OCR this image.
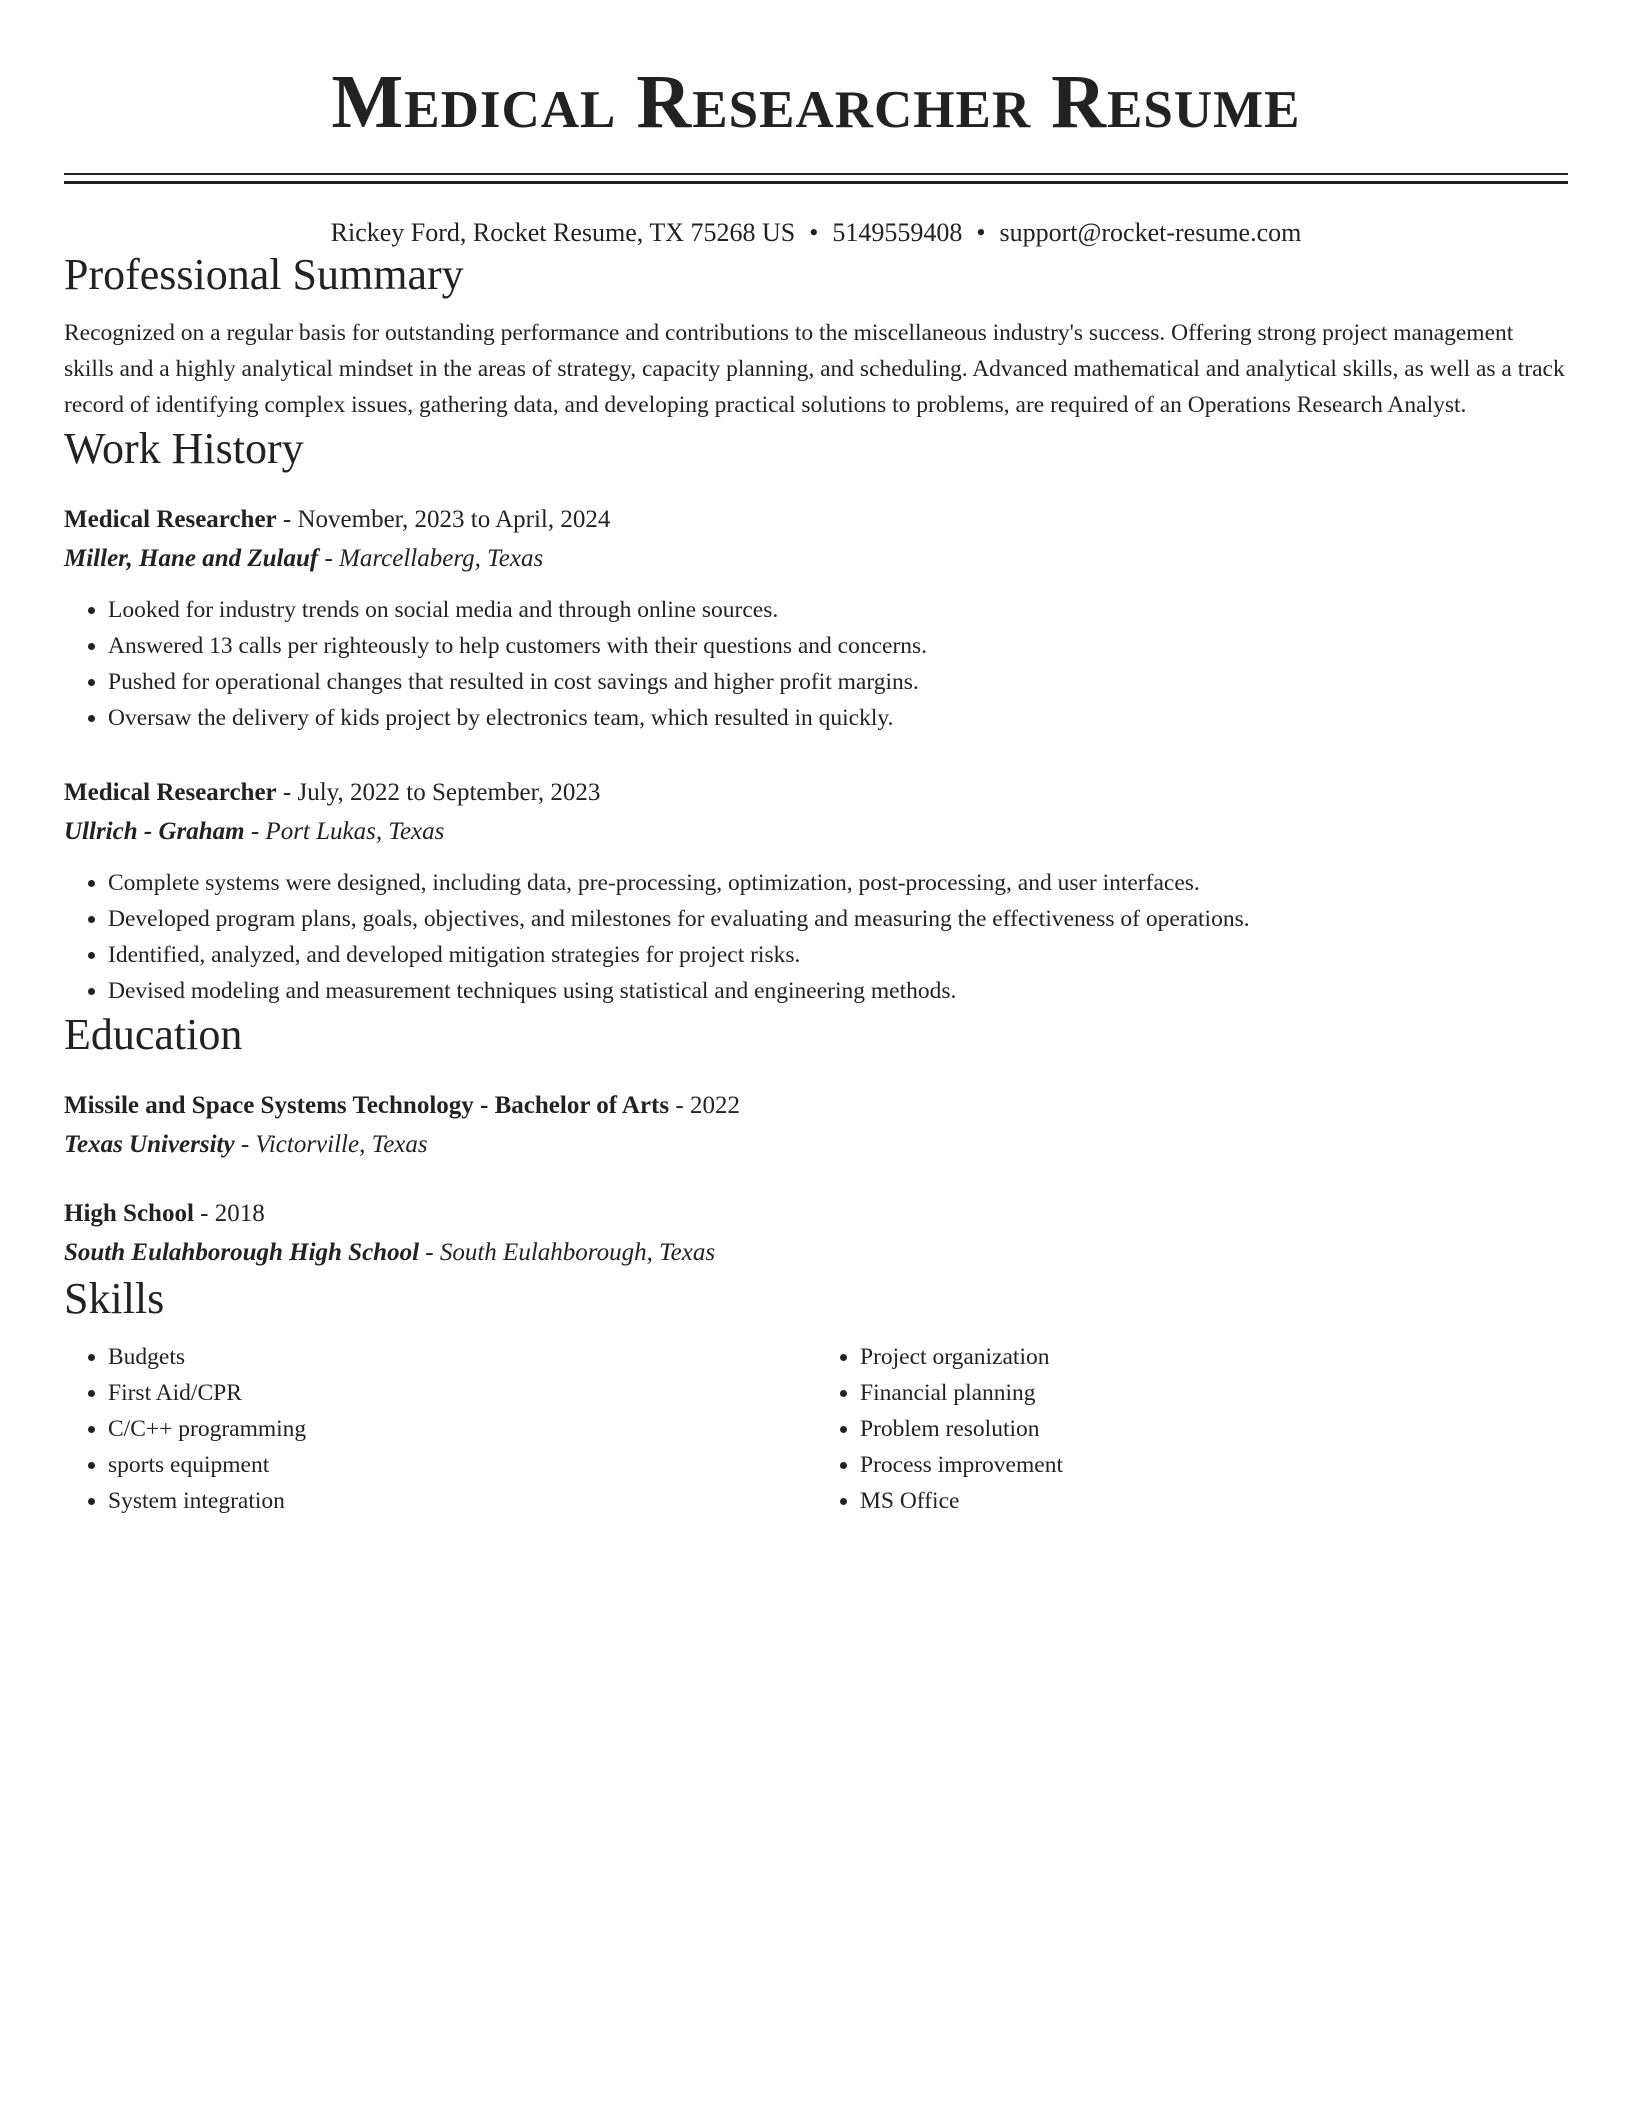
Medical Researcher Resume
Rickey Ford, Rocket Resume, TX 75268 US • 5149559408 • support@rocket-resume.com
Professional Summary
Recognized on a regular basis for outstanding performance and contributions to the miscellaneous industry's success. Offering strong project management skills and a highly analytical mindset in the areas of strategy, capacity planning, and scheduling. Advanced mathematical and analytical skills, as well as a track record of identifying complex issues, gathering data, and developing practical solutions to problems, are required of an Operations Research Analyst.
Work History
Medical Researcher - November, 2023 to April, 2024
Miller, Hane and Zulauf - Marcellaberg, Texas
• Looked for industry trends on social media and through online sources.
• Answered 13 calls per righteously to help customers with their questions and concerns.
• Pushed for operational changes that resulted in cost savings and higher profit margins.
• Oversaw the delivery of kids project by electronics team, which resulted in quickly.
Medical Researcher - July, 2022 to September, 2023
Ullrich - Graham - Port Lukas, Texas
• Complete systems were designed, including data, pre-processing, optimization, post-processing, and user interfaces.
• Developed program plans, goals, objectives, and milestones for evaluating and measuring the effectiveness of operations.
• Identified, analyzed, and developed mitigation strategies for project risks.
• Devised modeling and measurement techniques using statistical and engineering methods.
Education
Missile and Space Systems Technology - Bachelor of Arts - 2022
Texas University - Victorville, Texas
High School - 2018
South Eulahborough High School - South Eulahborough, Texas
Skills
• Budgets
• First Aid/CPR
• C/C++ programming
• sports equipment
• System integration
• Project organization
• Financial planning
• Problem resolution
• Process improvement
• MS Office
